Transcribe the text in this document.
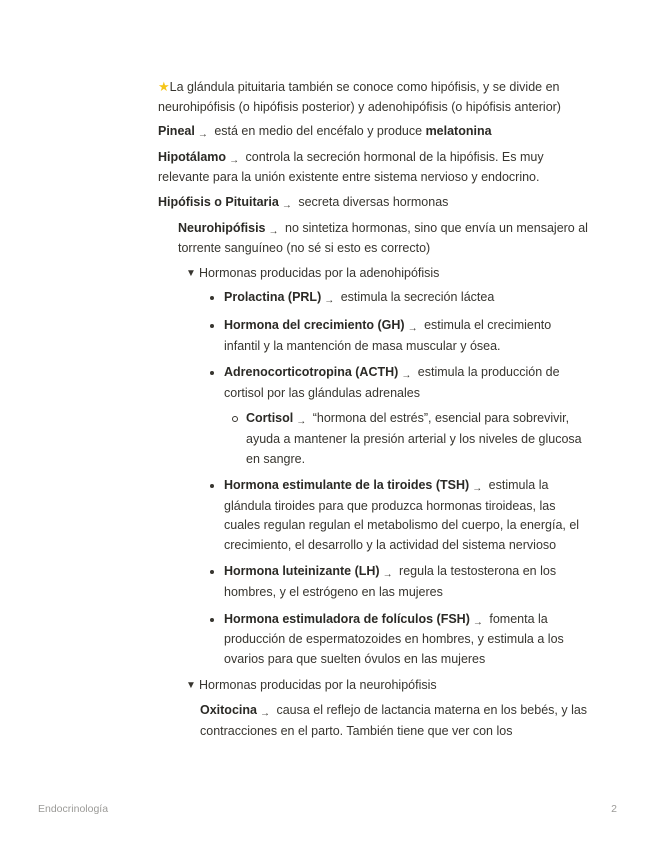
★La glándula pituitaria también se conoce como hipófisis, y se divide en neurohipófisis (o hipófisis posterior) y adenohipófisis (o hipófisis anterior)

Pineal → está en medio del encéfalo y produce melatonina

Hipotálamo → controla la secreción hormonal de la hipófisis. Es muy relevante para la unión existente entre sistema nervioso y endocrino.

Hipófisis o Pituitaria → secreta diversas hormonas

Neurohipófisis → no sintetiza hormonas, sino que envía un mensajero al torrente sanguíneo (no sé si esto es correcto)

▼ Hormonas producidas por la adenohipófisis
Prolactina (PRL) → estimula la secreción láctea
Hormona del crecimiento (GH) → estimula el crecimiento infantil y la mantención de masa muscular y ósea.
Adrenocorticotropina (ACTH) → estimula la producción de cortisol por las glándulas adrenales
Cortisol → “hormona del estrés”, esencial para sobrevivir, ayuda a mantener la presión arterial y los niveles de glucosa en sangre.
Hormona estimulante de la tiroides (TSH) → estimula la glándula tiroides para que produzca hormonas tiroideas, las cuales regulan regulan el metabolismo del cuerpo, la energía, el crecimiento, el desarrollo y la actividad del sistema nervioso
Hormona luteinizante (LH) → regula la testosterona en los hombres, y el estrógeno en las mujeres
Hormona estimuladora de folículos (FSH) → fomenta la producción de espermatozoides en hombres, y estimula a los ovarios para que suelten óvulos en las mujeres
▼ Hormonas producidas por la neurohipófisis

Oxitocina → causa el reflejo de lactancia materna en los bebés, y las contracciones en el parto. También tiene que ver con los

Endocrinología	2
